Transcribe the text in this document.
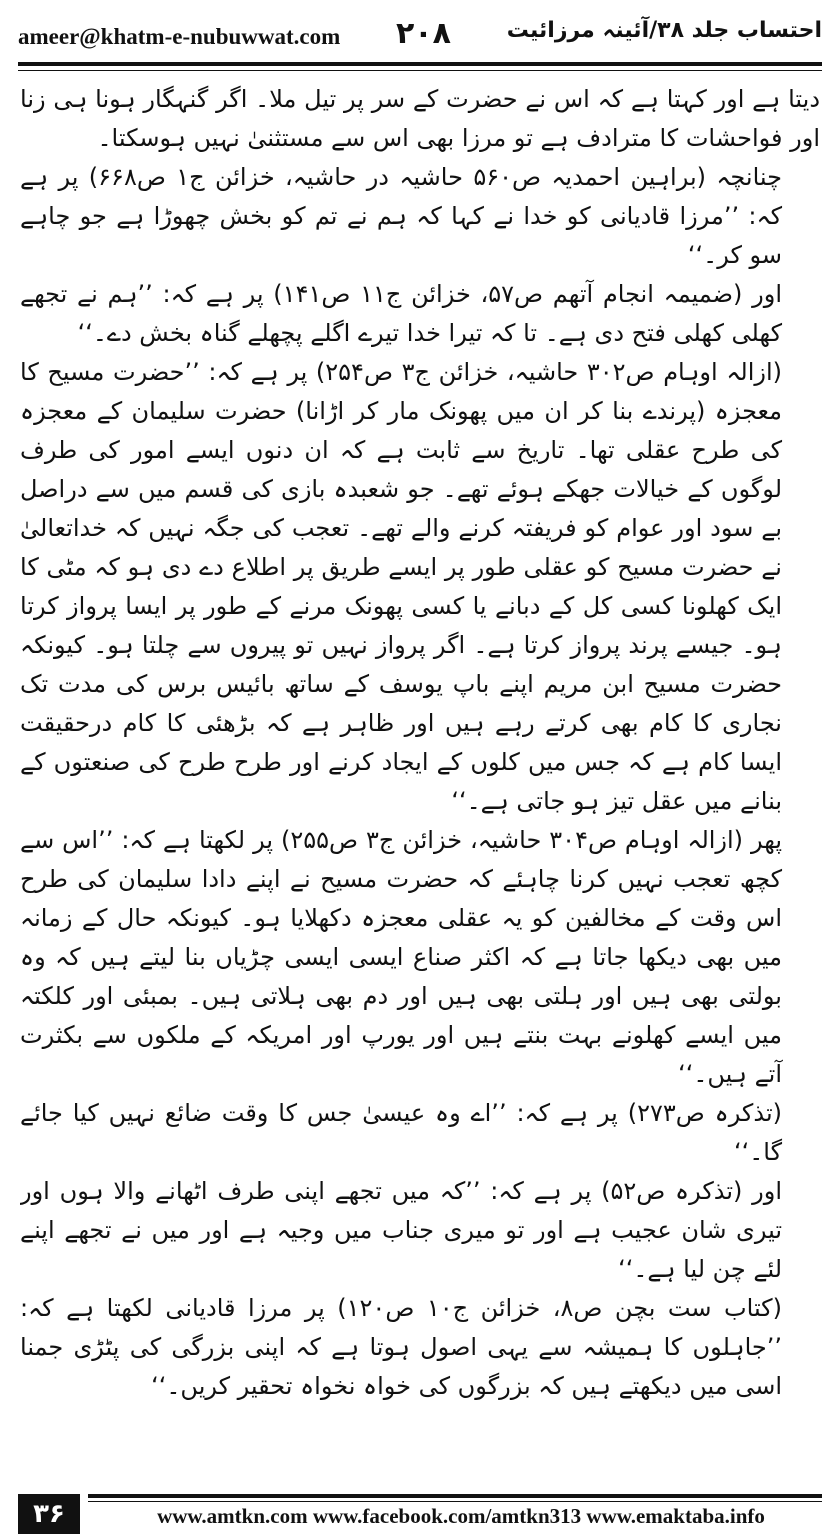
ameer@khatm-e-nubuwwat.com ۲۰۸	احتساب جلد ۳۸/آئینہ مرزائیت

دیتا ہے اور کہتا ہے کہ اس نے حضرت کے سر پر تیل ملا۔ اگر گنہگار ہونا ہی زنا اور فواحشات کا مترادف ہے تو مرزا بھی اس سے مستثنیٰ نہیں ہوسکتا۔

چنانچہ (براہین احمدیہ ص۵۶۰ حاشیہ در حاشیہ، خزائن ج۱ ص۶۶۸) پر ہے کہ: ’’مرزا قادیانی کو خدا نے کہا کہ ہم نے تم کو بخش چھوڑا ہے جو چاہے سو کر۔‘‘

اور (ضمیمہ انجام آتھم ص۵۷، خزائن ج۱۱ ص۱۴۱) پر ہے کہ: ’’ہم نے تجھے کھلی کھلی فتح دی ہے۔ تا کہ تیرا خدا تیرے اگلے پچھلے گناہ بخش دے۔‘‘

(ازالہ اوہام ص۳۰۲ حاشیہ، خزائن ج۳ ص۲۵۴) پر ہے کہ: ’’حضرت مسیح کا معجزہ (پرندے بنا کر ان میں پھونک مار کر اڑانا) حضرت سلیمان کے معجزہ کی طرح عقلی تھا۔ تاریخ سے ثابت ہے کہ ان دنوں ایسے امور کی طرف لوگوں کے خیالات جھکے ہوئے تھے۔ جو شعبدہ بازی کی قسم میں سے دراصل بے سود اور عوام کو فریفتہ کرنے والے تھے۔ تعجب کی جگہ نہیں کہ خداتعالیٰ نے حضرت مسیح کو عقلی طور پر ایسے طریق پر اطلاع دے دی ہو کہ مٹی کا ایک کھلونا کسی کل کے دبانے یا کسی پھونک مرنے کے طور پر ایسا پرواز کرتا ہو۔ جیسے پرند پرواز کرتا ہے۔ اگر پرواز نہیں تو پیروں سے چلتا ہو۔ کیونکہ حضرت مسیح ابن مریم اپنے باپ یوسف کے ساتھ بائیس برس کی مدت تک نجاری کا کام بھی کرتے رہے ہیں اور ظاہر ہے کہ بڑھئی کا کام درحقیقت ایسا کام ہے کہ جس میں کلوں کے ایجاد کرنے اور طرح طرح کی صنعتوں کے بنانے میں عقل تیز ہو جاتی ہے۔‘‘

پھر (ازالہ اوہام ص۳۰۴ حاشیہ، خزائن ج۳ ص۲۵۵) پر لکھتا ہے کہ: ’’اس سے کچھ تعجب نہیں کرنا چاہئے کہ حضرت مسیح نے اپنے دادا سلیمان کی طرح اس وقت کے مخالفین کو یہ عقلی معجزہ دکھلایا ہو۔ کیونکہ حال کے زمانہ میں بھی دیکھا جاتا ہے کہ اکثر صناع ایسی ایسی چڑیاں بنا لیتے ہیں کہ وہ بولتی بھی ہیں اور ہلتی بھی ہیں اور دم بھی ہلاتی ہیں۔ بمبئی اور کلکتہ میں ایسے کھلونے بہت بنتے ہیں اور یورپ اور امریکہ کے ملکوں سے بکثرت آتے ہیں۔‘‘

(تذکرہ ص۲۷۳) پر ہے کہ: ’’اے وہ عیسیٰ جس کا وقت ضائع نہیں کیا جائے گا۔‘‘

اور (تذکرہ ص۵۲) پر ہے کہ: ’’کہ میں تجھے اپنی طرف اٹھانے والا ہوں اور تیری شان عجیب ہے اور تو میری جناب میں وجیہ ہے اور میں نے تجھے اپنے لئے چن لیا ہے۔‘‘

(کتاب ست بچن ص۸، خزائن ج۱۰ ص۱۲۰) پر مرزا قادیانی لکھتا ہے کہ: ’’جاہلوں کا ہمیشہ سے یہی اصول ہوتا ہے کہ اپنی بزرگی کی پٹڑی جمنا اسی میں دیکھتے ہیں کہ بزرگوں کی خواہ نخواہ تحقیر کریں۔‘‘

۳۶	www.amtkn.com www.facebook.com/amtkn313 www.emaktaba.info
